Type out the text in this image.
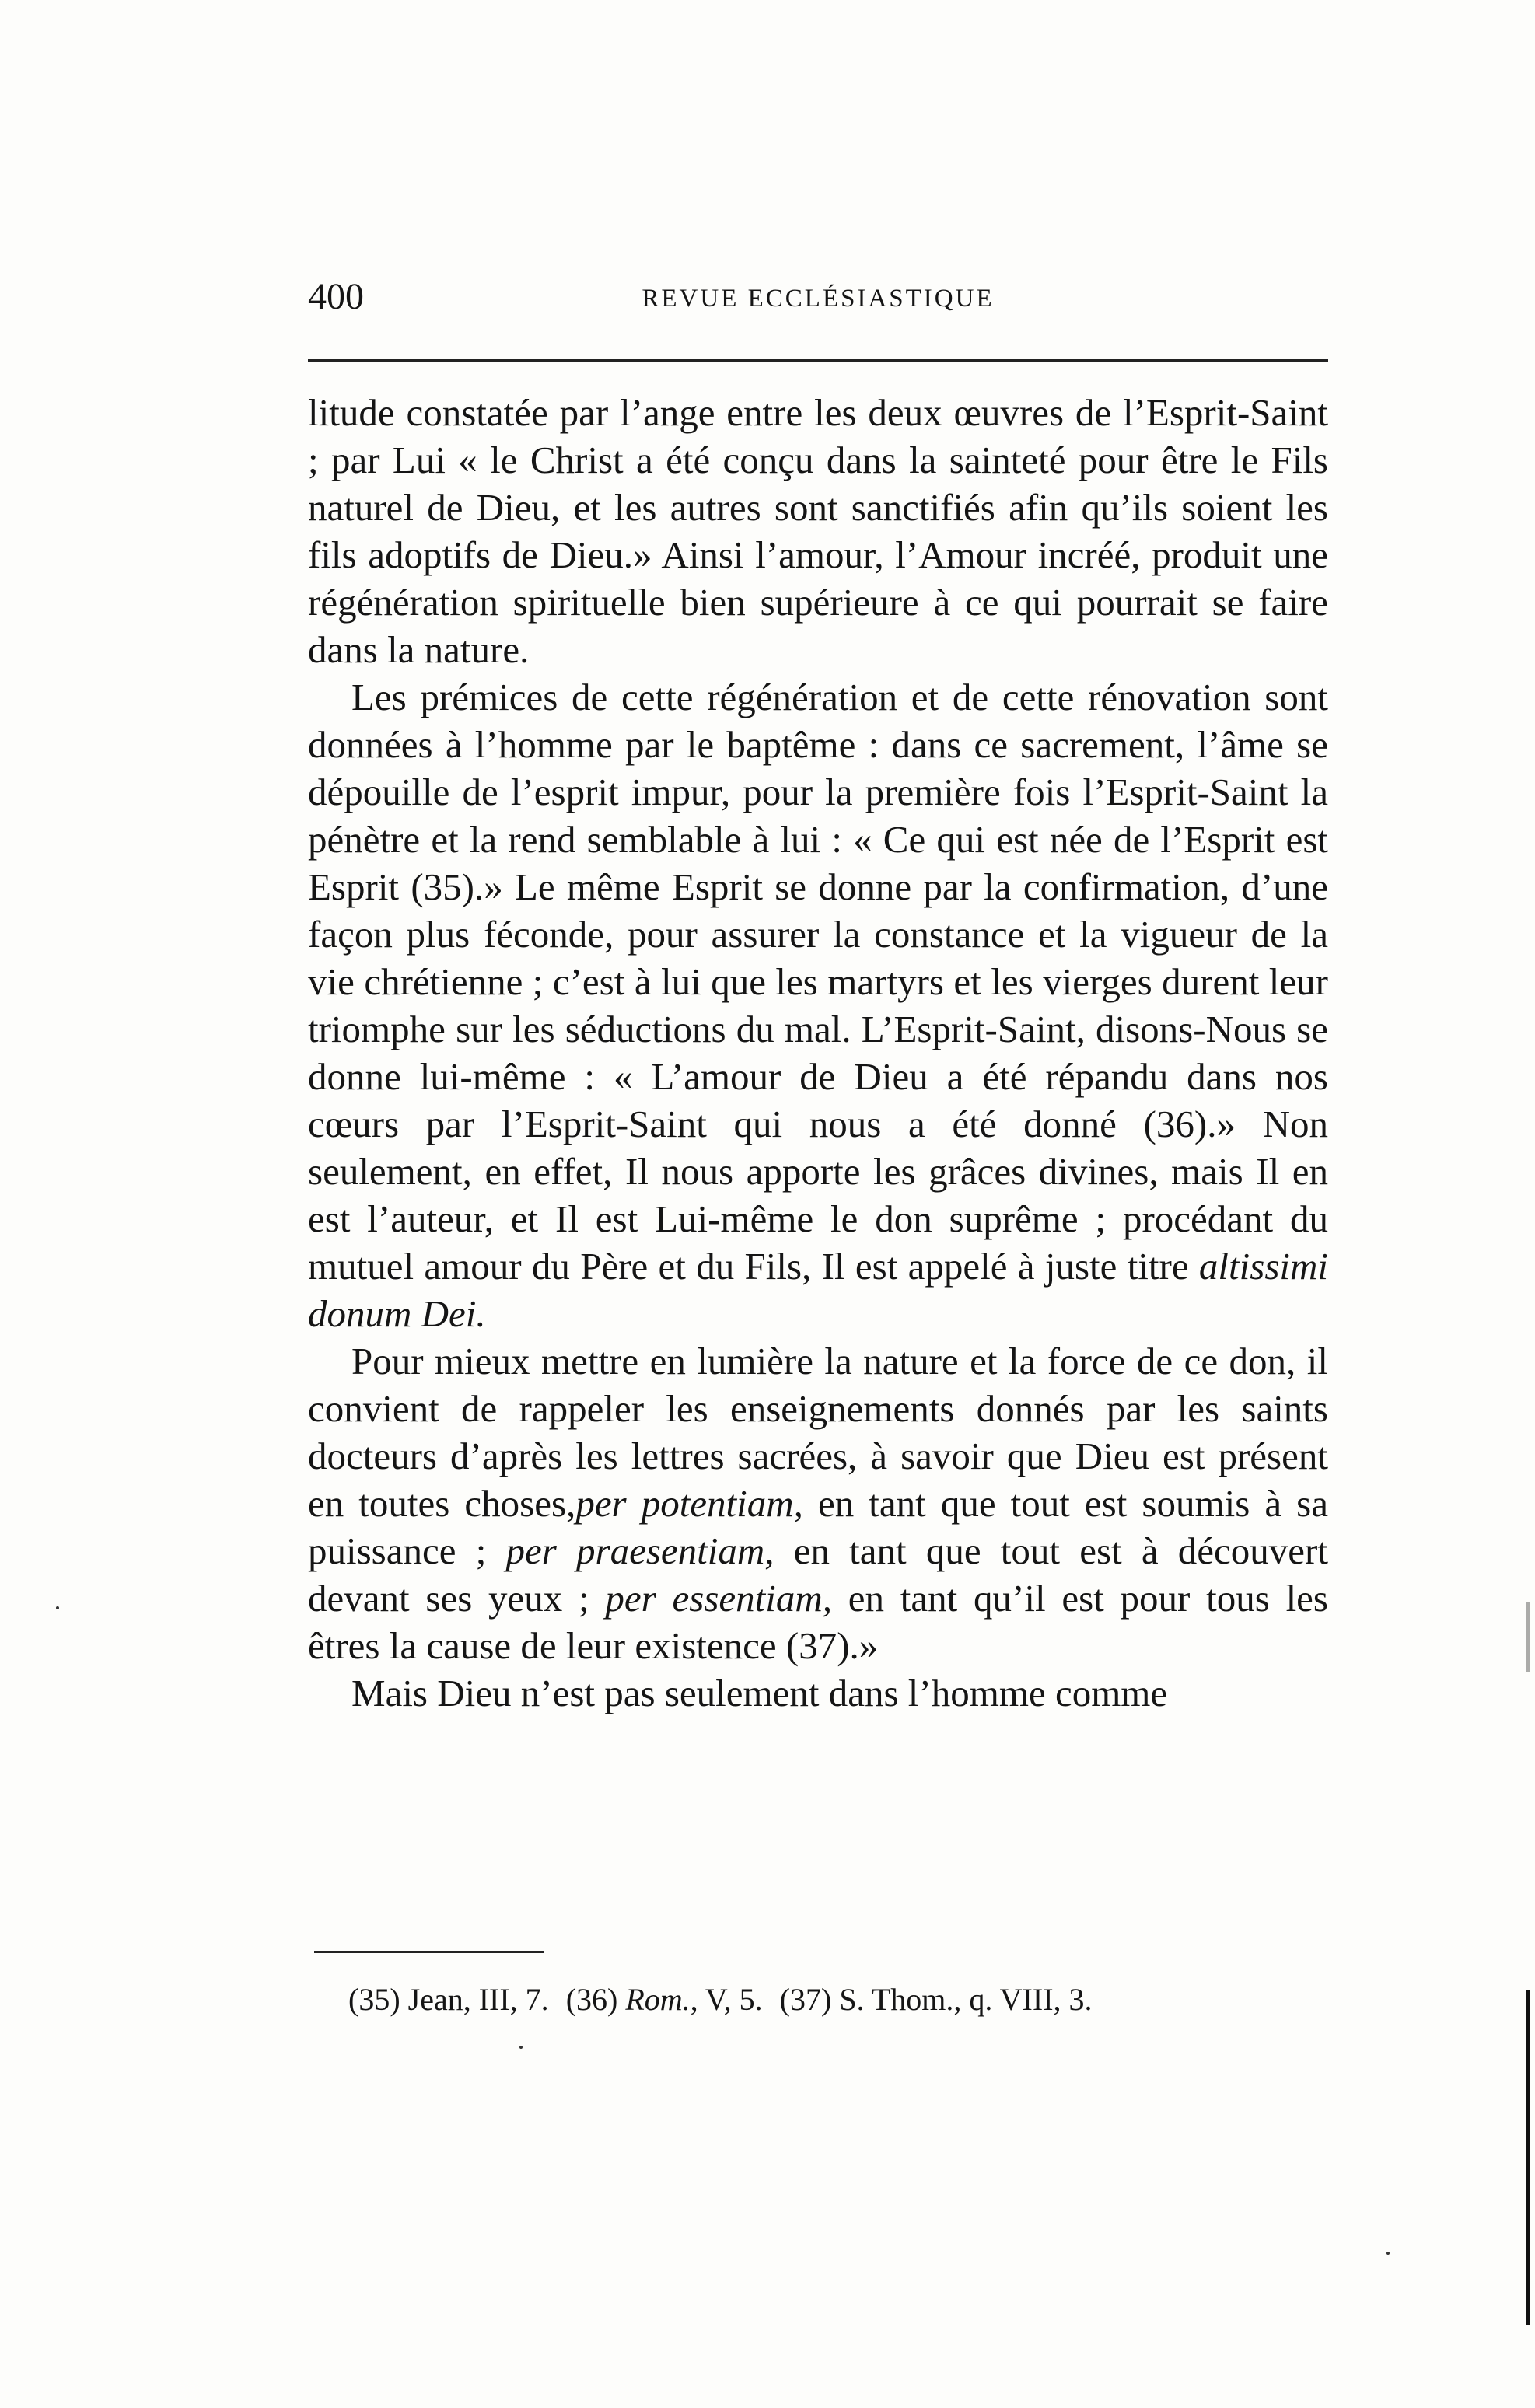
400	REVUE ECCLÉSIASTIQUE

litude constatée par l’ange entre les deux œuvres de l’Esprit-Saint ; par Lui « le Christ a été conçu dans la sainteté pour être le Fils naturel de Dieu, et les autres sont sanctifiés afin qu’ils soient les fils adoptifs de Dieu.» Ainsi l’amour, l’Amour incréé, produit une régénération spirituelle bien supérieure à ce qui pourrait se faire dans la nature.

Les prémices de cette régénération et de cette rénovation sont données à l’homme par le baptême : dans ce sacrement, l’âme se dépouille de l’esprit impur, pour la première fois l’Esprit-Saint la pénètre et la rend semblable à lui : « Ce qui est née de l’Esprit est Esprit (35).» Le même Esprit se donne par la confirmation, d’une façon plus féconde, pour assurer la constance et la vigueur de la vie chrétienne ; c’est à lui que les martyrs et les vierges durent leur triomphe sur les séductions du mal. L’Esprit-Saint, disons-Nous se donne lui-même : « L’amour de Dieu a été répandu dans nos cœurs par l’Esprit-Saint qui nous a été donné (36).» Non seulement, en effet, Il nous apporte les grâces divines, mais Il en est l’auteur, et Il est Lui-même le don suprême ; procédant du mutuel amour du Père et du Fils, Il est appelé à juste titre altissimi donum Dei.

Pour mieux mettre en lumière la nature et la force de ce don, il convient de rappeler les enseignements donnés par les saints docteurs d’après les lettres sacrées, à savoir que Dieu est présent en toutes choses,per potentiam, en tant que tout est soumis à sa puissance ; per praesentiam, en tant que tout est à découvert devant ses yeux ; per essentiam, en tant qu’il est pour tous les êtres la cause de leur existence (37).»

Mais Dieu n’est pas seulement dans l’homme comme

(35) Jean, III, 7. (36) Rom., V, 5. (37) S. Thom., q. VIII, 3.
